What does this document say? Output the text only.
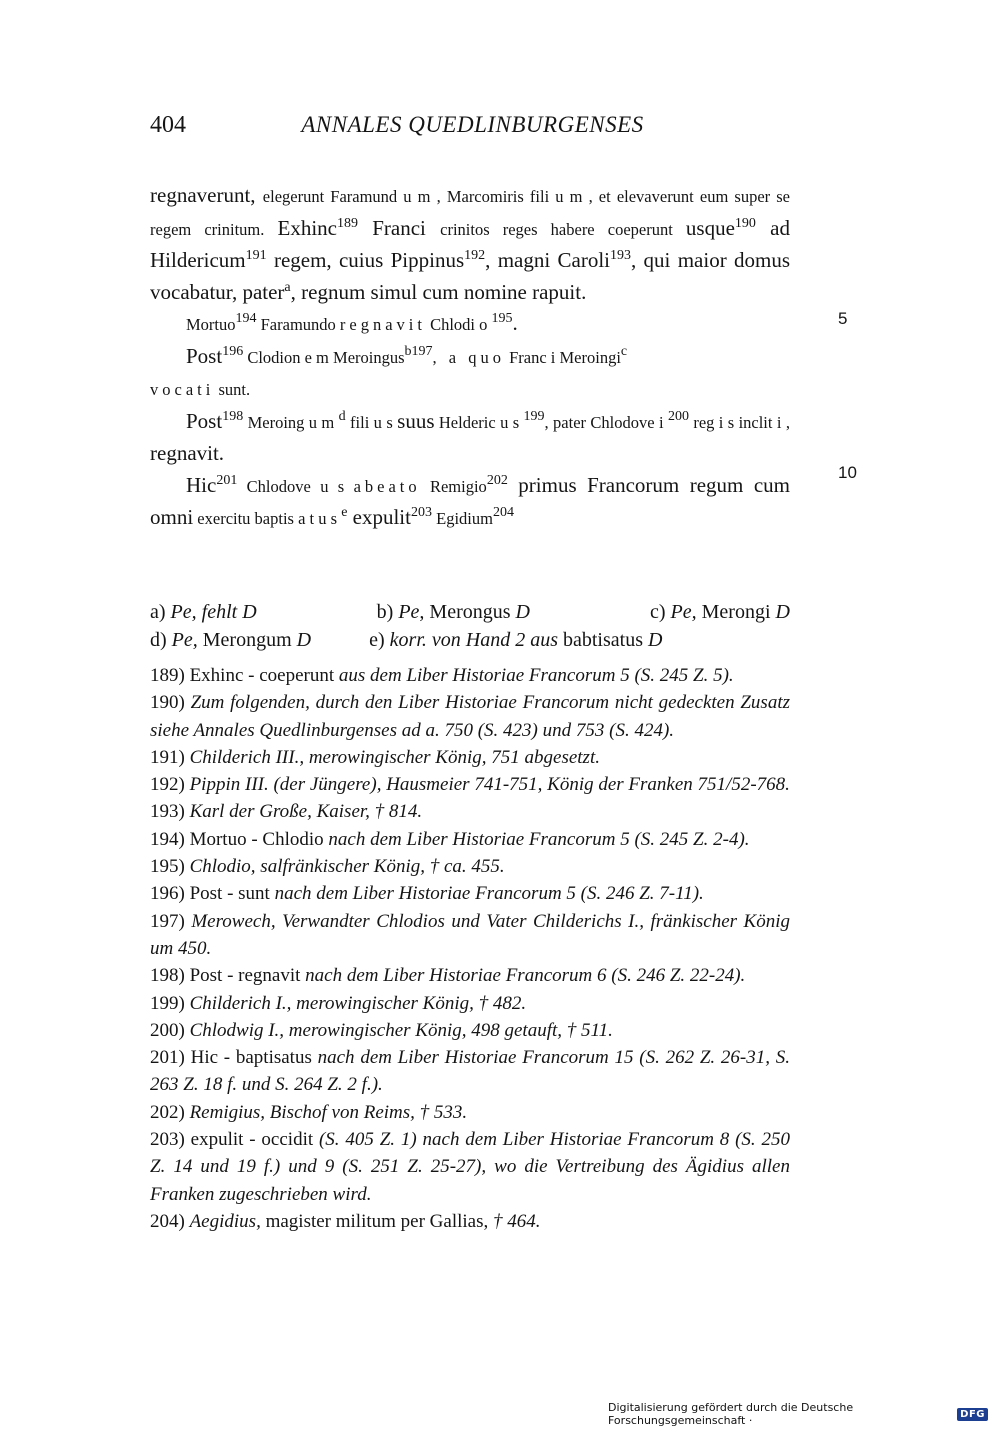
404	ANNALES QUEDLINBURGENSES

regnaverunt, elegerunt Faramund u m , Marcomiris fili u m , et elevaverunt eum super se regem crinitum. Exhinc$^{189}$ Franci crinitos reges habere coeperunt usque$^{190}$ ad Hildericum$^{191}$ regem, cuius Pippinus$^{192}$, magni Caroli$^{193}$, qui maior domus vocabatur, pater$^a$, regnum simul cum nomine rapuit.

Mortuo$^{194}$ Faramundo regnavit Chlodi o $^{195}$.

Post$^{196}$ Clodion e m Meroingus$^{b197}$, a quo Franc i Meroingi$^c$
vocati sunt.

Post$^{198}$ Meroing u m $^d$ fili u s suus Helderic u s $^{199}$, pater Chlodove i $^{200}$ reg i s inclit i , regnavit.

Hic$^{201}$ Chlodove u s abeato Remigio$^{202}$ primus Francorum regum cum omni exercitu baptis a t u s $^e$ expulit$^{203}$ Egidium$^{204}$

5
10
a) Pe, fehlt D	b) Pe, Merongus D	c) Pe, Merongi D
d) Pe, Merongum D	e) korr. von Hand 2 aus babtisatus D

189) Exhinc - coeperunt aus dem Liber Historiae Francorum 5 (S. 245 Z. 5).

190) Zum folgenden, durch den Liber Historiae Francorum nicht gedeckten Zusatz siehe Annales Quedlinburgenses ad a. 750 (S. 423) und 753 (S. 424).

191) Childerich III., merowingischer König, 751 abgesetzt.

192) Pippin III. (der Jüngere), Hausmeier 741-751, König der Franken 751/52-768.

193) Karl der Große, Kaiser, † 814.

194) Mortuo - Chlodio nach dem Liber Historiae Francorum 5 (S. 245 Z. 2-4).

195) Chlodio, salfränkischer König, † ca. 455.

196) Post - sunt nach dem Liber Historiae Francorum 5 (S. 246 Z. 7-11).

197) Merowech, Verwandter Chlodios und Vater Childerichs I., fränkischer König um 450.

198) Post - regnavit nach dem Liber Historiae Francorum 6 (S. 246 Z. 22-24).

199) Childerich I., merowingischer König, † 482.

200) Chlodwig I., merowingischer König, 498 getauft, † 511.

201) Hic - baptisatus nach dem Liber Historiae Francorum 15 (S. 262 Z. 26-31, S. 263 Z. 18 f. und S. 264 Z. 2 f.).

202) Remigius, Bischof von Reims, † 533.

203) expulit - occidit (S. 405 Z. 1) nach dem Liber Historiae Francorum 8 (S. 250 Z. 14 und 19 f.) und 9 (S. 251 Z. 25-27), wo die Vertreibung des Ägidius allen Franken zugeschrieben wird.

204) Aegidius, magister militum per Gallias, † 464.

Digitalisierung gefördert durch die Deutsche Forschungsgemeinschaft ·	DFG
